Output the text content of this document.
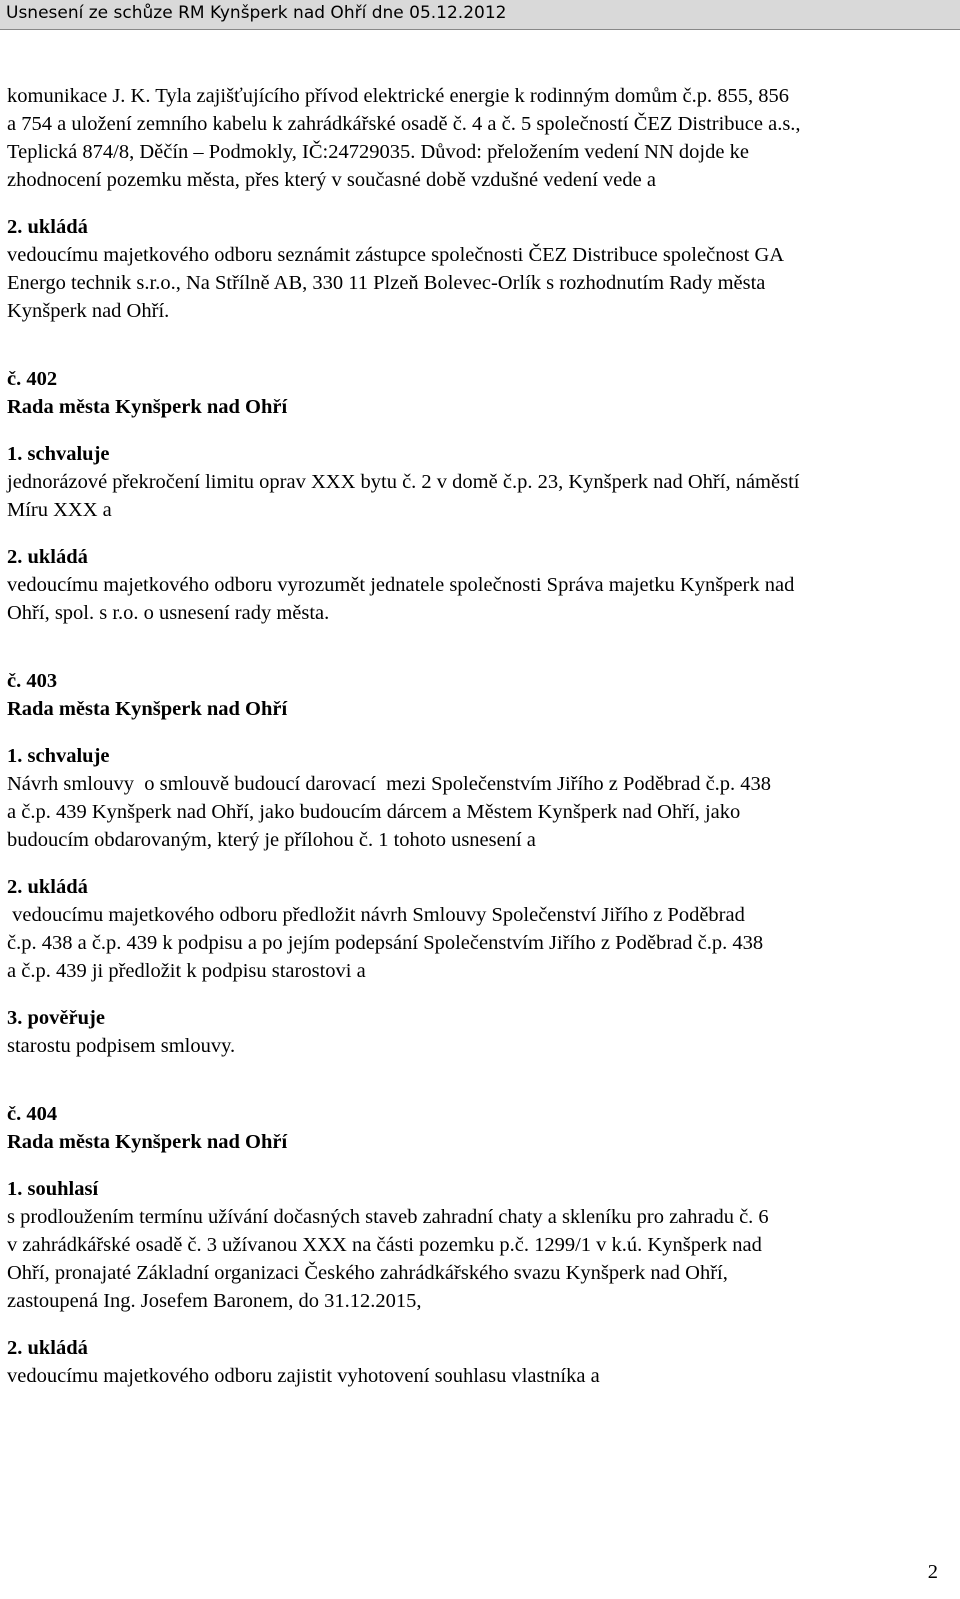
Usnesení ze schůze RM Kynšperk nad Ohří dne 05.12.2012
komunikace J. K. Tyla zajišťujícího přívod elektrické energie k rodinným domům č.p. 855, 856
a 754 a uložení zemního kabelu k zahrádkářské osadě č. 4 a č. 5 společností ČEZ Distribuce a.s.,
Teplická 874/8, Děčín – Podmokly, IČ:24729035. Důvod: přeložením vedení NN dojde ke
zhodnocení pozemku města, přes který v současné době vzdušné vedení vede a
2. ukládá
vedoucímu majetkového odboru seznámit zástupce společnosti ČEZ Distribuce společnost GA
Energo technik s.r.o., Na Střílně AB, 330 11 Plzeň Bolevec-Orlík s rozhodnutím Rady města
Kynšperk nad Ohří.
č. 402
Rada města Kynšperk nad Ohří
1. schvaluje
jednorázové překročení limitu oprav XXX bytu č. 2 v domě č.p. 23, Kynšperk nad Ohří, náměstí
Míru XXX a
2. ukládá
vedoucímu majetkového odboru vyrozumět jednatele společnosti Správa majetku Kynšperk nad
Ohří, spol. s r.o. o usnesení rady města.
č. 403
Rada města Kynšperk nad Ohří
1. schvaluje
Návrh smlouvy  o smlouvě budoucí darovací  mezi Společenstvím Jiřího z Poděbrad č.p. 438
a č.p. 439 Kynšperk nad Ohří, jako budoucím dárcem a Městem Kynšperk nad Ohří, jako
budoucím obdarovaným, který je přílohou č. 1 tohoto usnesení a
2. ukládá
vedoucímu majetkového odboru předložit návrh Smlouvy Společenství Jiřího z Poděbrad
č.p. 438 a č.p. 439 k podpisu a po jejím podepsání Společenstvím Jiřího z Poděbrad č.p. 438
a č.p. 439 ji předložit k podpisu starostovi a
3. pověřuje
starostu podpisem smlouvy.
č. 404
Rada města Kynšperk nad Ohří
1. souhlasí
s prodloužením termínu užívání dočasných staveb zahradní chaty a skleníku pro zahradu č. 6
v zahrádkářské osadě č. 3 užívanou XXX na části pozemku p.č. 1299/1 v k.ú. Kynšperk nad
Ohří, pronajaté Základní organizaci Českého zahrádkářského svazu Kynšperk nad Ohří,
zastoupená Ing. Josefem Baronem, do 31.12.2015,
2. ukládá
vedoucímu majetkového odboru zajistit vyhotovení souhlasu vlastníka a
2
